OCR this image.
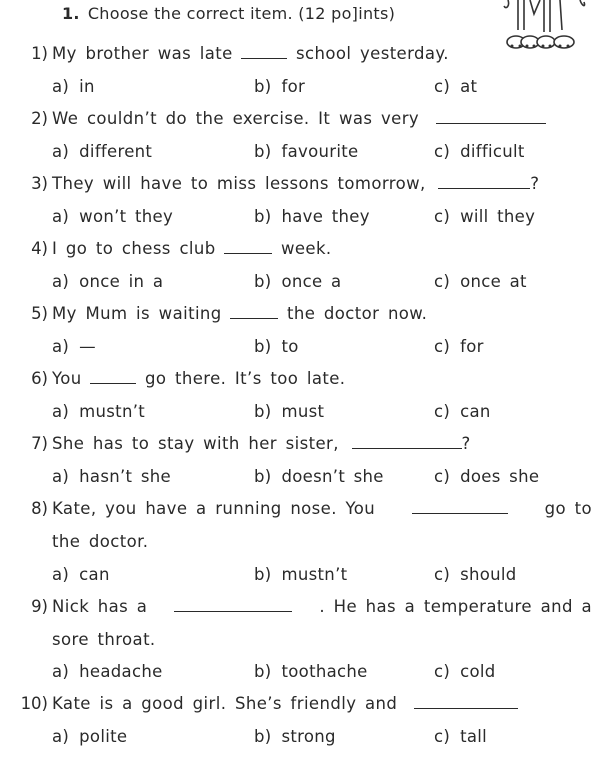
1. Choose the correct item. (12 po]ints)
1) My brother was late	school yesterday.
a) in	b) for	c) at
2) We couldn’t do the exercise. It was very
a) different	b) favourite	c) difficult
3) They will have to miss lessons tomorrow,	?
a) won’t they	b) have they	c) will they
4) I go to chess club	week.
a) once in a	b) once a	c) once at
5) My Mum is waiting	the doctor now.
a) —	b) to	c) for
6) You	go there. It’s too late.
a) mustn’t	b) must	c) can
7) She has to stay with her sister,	?
a) hasn’t she	b) doesn’t she	c) does she
8) Kate, you have a running nose. You	go to
the doctor.
a) can	b) mustn’t	c) should
9) Nick has a	. He has a temperature and a
sore throat.
a) headache	b) toothache	c) cold
10) Kate is a good girl. She’s friendly and
a) polite	b) strong	c) tall
